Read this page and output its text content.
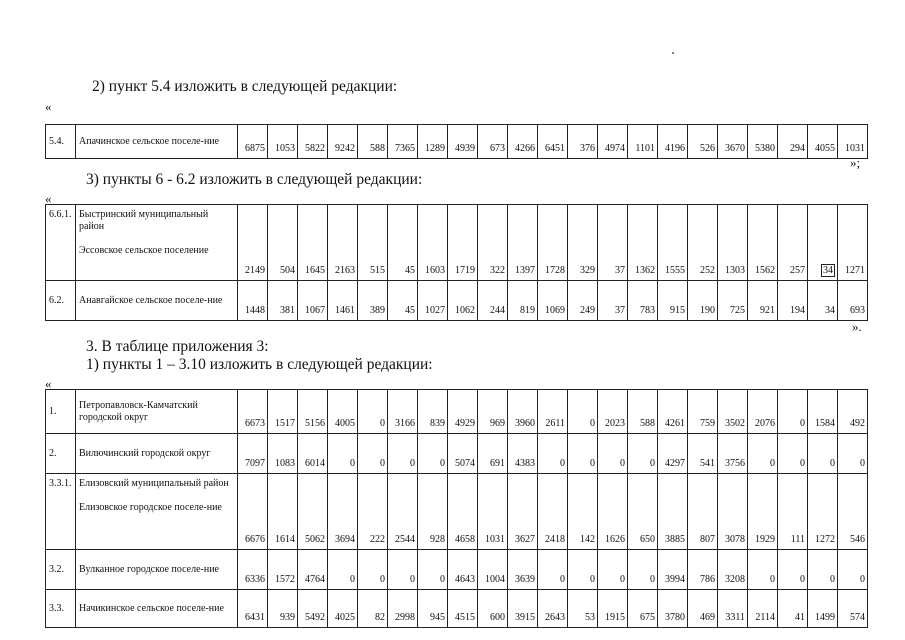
2) пункт 5.4 изложить в следующей редакции:
«
5.4.	Апачинское сельское поселе-ние	6875	1053	5822	9242	588	7365	1289	4939	673	4266	6451	376	4974	1101	4196	526	3670	5380	294	4055	1031
»;
3) пункты 6 - 6.2 изложить в следующей редакции:
«
6.6.1.	Быстринский муниципальный район
Эссовское сельское поселение	2149	504	1645	2163	515	45	1603	1719	322	1397	1728	329	37	1362	1555	252	1303	1562	257	34	1271
6.2.	Анавгайское сельское поселе-ние	1448	381	1067	1461	389	45	1027	1062	244	819	1069	249	37	783	915	190	725	921	194	34	693
».
3. В таблице приложения 3:
1) пункты 1 – 3.10 изложить в следующей редакции:
«
1.	Петропавловск-Камчатский городской округ	6673	1517	5156	4005	0	3166	839	4929	969	3960	2611	0	2023	588	4261	759	3502	2076	0	1584	492
2.	Вилючинский городской округ	7097	1083	6014	0	0	0	0	5074	691	4383	0	0	0	0	4297	541	3756	0	0	0	0
3.3.1.	Елизовский муниципальный район
Елизовское городское поселе-ние	6676	1614	5062	3694	222	2544	928	4658	1031	3627	2418	142	1626	650	3885	807	3078	1929	111	1272	546
3.2.	Вулканное городское поселе-ние	6336	1572	4764	0	0	0	0	4643	1004	3639	0	0	0	0	3994	786	3208	0	0	0	0
3.3.	Начикинское сельское поселе-ние	6431	939	5492	4025	82	2998	945	4515	600	3915	2643	53	1915	675	3780	469	3311	2114	41	1499	574
